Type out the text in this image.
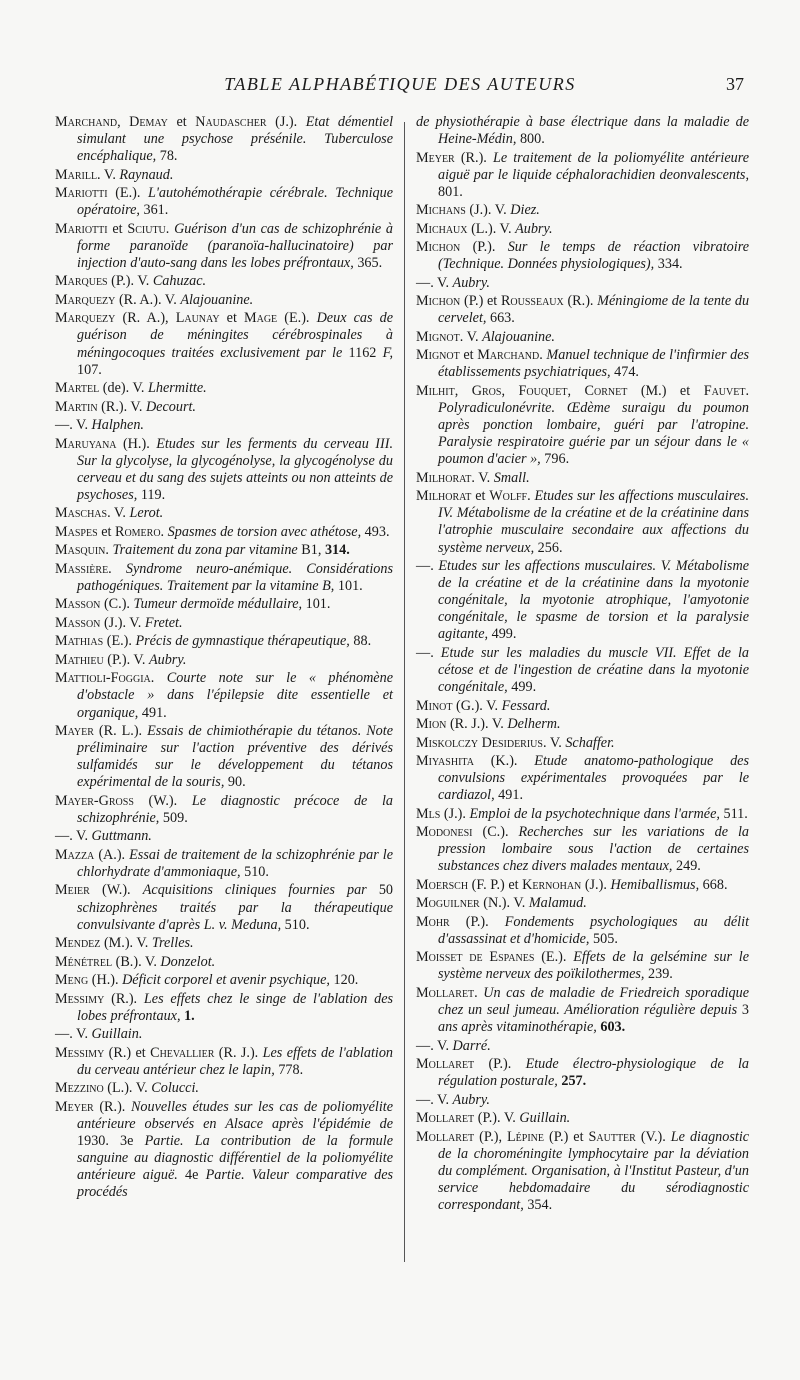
TABLE ALPHABÉTIQUE DES AUTEURS	37

Marchand, Demay et Naudascher (J.). Etat démentiel simulant une psychose présénile. Tuberculose encéphalique, 78.

Marill. V. Raynaud.

Mariotti (E.). L'autohémothérapie cérébrale. Technique opératoire, 361.

Mariotti et Sciutu. Guérison d'un cas de schizophrénie à forme paranoïde (paranoïa-hallucinatoire) par injection d'auto-sang dans les lobes préfrontaux, 365.

Marques (P.). V. Cahuzac.

Marquezy (R. A.). V. Alajouanine.

Marquezy (R. A.), Launay et Mage (E.). Deux cas de guérison de méningites cérébrospinales à méningocoques traitées exclusivement par le 1162 F, 107.

Martel (de). V. Lhermitte.

Martin (R.). V. Decourt.

—. V. Halphen.

Maruyana (H.). Etudes sur les ferments du cerveau III. Sur la glycolyse, la glycogénolyse, la glycogénolyse du cerveau et du sang des sujets atteints ou non atteints de psychoses, 119.

Maschas. V. Lerot.

Maspes et Romero. Spasmes de torsion avec athétose, 493.

Masquin. Traitement du zona par vitamine B1, 314.

Massière. Syndrome neuro-anémique. Considérations pathogéniques. Traitement par la vitamine B, 101.

Masson (C.). Tumeur dermoïde médullaire, 101.

Masson (J.). V. Fretet.

Mathias (E.). Précis de gymnastique thérapeutique, 88.

Mathieu (P.). V. Aubry.

Mattioli-Foggia. Courte note sur le « phénomène d'obstacle » dans l'épilepsie dite essentielle et organique, 491.

Mayer (R. L.). Essais de chimiothérapie du tétanos. Note préliminaire sur l'action préventive des dérivés sulfamidés sur le développement du tétanos expérimental de la souris, 90.

Mayer-Gross (W.). Le diagnostic précoce de la schizophrénie, 509.

—. V. Guttmann.

Mazza (A.). Essai de traitement de la schizophrénie par le chlorhydrate d'ammoniaque, 510.

Meier (W.). Acquisitions cliniques fournies par 50 schizophrènes traités par la thérapeutique convulsivante d'après L. v. Meduna, 510.

Mendez (M.). V. Trelles.

Ménétrel (B.). V. Donzelot.

Meng (H.). Déficit corporel et avenir psychique, 120.

Messimy (R.). Les effets chez le singe de l'ablation des lobes préfrontaux, 1.

—. V. Guillain.

Messimy (R.) et Chevallier (R. J.). Les effets de l'ablation du cerveau antérieur chez le lapin, 778.

Mezzino (L.). V. Colucci.

Meyer (R.). Nouvelles études sur les cas de poliomyélite antérieure observés en Alsace après l'épidémie de 1930. 3e Partie. La contribution de la formule sanguine au diagnostic différentiel de la poliomyélite antérieure aiguë. 4e Partie. Valeur comparative des procédés

de physiothérapie à base électrique dans la maladie de Heine-Médin, 800.

Meyer (R.). Le traitement de la poliomyélite antérieure aiguë par le liquide céphalorachidien deonvalescents, 801.

Michans (J.). V. Diez.

Michaux (L.). V. Aubry.

Michon (P.). Sur le temps de réaction vibratoire (Technique. Données physiologiques), 334.

—. V. Aubry.

Michon (P.) et Rousseaux (R.). Méningiome de la tente du cervelet, 663.

Mignot. V. Alajouanine.

Mignot et Marchand. Manuel technique de l'infirmier des établissements psychiatriques, 474.

Milhit, Gros, Fouquet, Cornet (M.) et Fauvet. Polyradiculonévrite. Œdème suraigu du poumon après ponction lombaire, guéri par l'atropine. Paralysie respiratoire guérie par un séjour dans le « poumon d'acier », 796.

Milhorat. V. Small.

Milhorat et Wolff. Etudes sur les affections musculaires. IV. Métabolisme de la créatine et de la créatinine dans l'atrophie musculaire secondaire aux affections du système nerveux, 256.

—. Etudes sur les affections musculaires. V. Métabolisme de la créatine et de la créatinine dans la myotonie congénitale, la myotonie atrophique, l'amyotonie congénitale, le spasme de torsion et la paralysie agitante, 499.

—. Etude sur les maladies du muscle VII. Effet de la cétose et de l'ingestion de créatine dans la myotonie congénitale, 499.

Minot (G.). V. Fessard.

Mion (R. J.). V. Delherm.

Miskolczy Desiderius. V. Schaffer.

Miyashita (K.). Etude anatomo-pathologique des convulsions expérimentales provoquées par le cardiazol, 491.

Mls (J.). Emploi de la psychotechnique dans l'armée, 511.

Modonesi (C.). Recherches sur les variations de la pression lombaire sous l'action de certaines substances chez divers malades mentaux, 249.

Moersch (F. P.) et Kernohan (J.). Hemiballismus, 668.

Moguilner (N.). V. Malamud.

Mohr (P.). Fondements psychologiques au délit d'assassinat et d'homicide, 505.

Moisset de Espanes (E.). Effets de la gelsémine sur le système nerveux des poïkilothermes, 239.

Mollaret. Un cas de maladie de Friedreich sporadique chez un seul jumeau. Amélioration régulière depuis 3 ans après vitaminothérapie, 603.

—. V. Darré.

Mollaret (P.). Etude électro-physiologique de la régulation posturale, 257.

—. V. Aubry.

Mollaret (P.). V. Guillain.

Mollaret (P.), Lépine (P.) et Sautter (V.). Le diagnostic de la choroméningite lymphocytaire par la déviation du complément. Organisation, à l'Institut Pasteur, d'un service hebdomadaire du sérodiagnostic correspondant, 354.
